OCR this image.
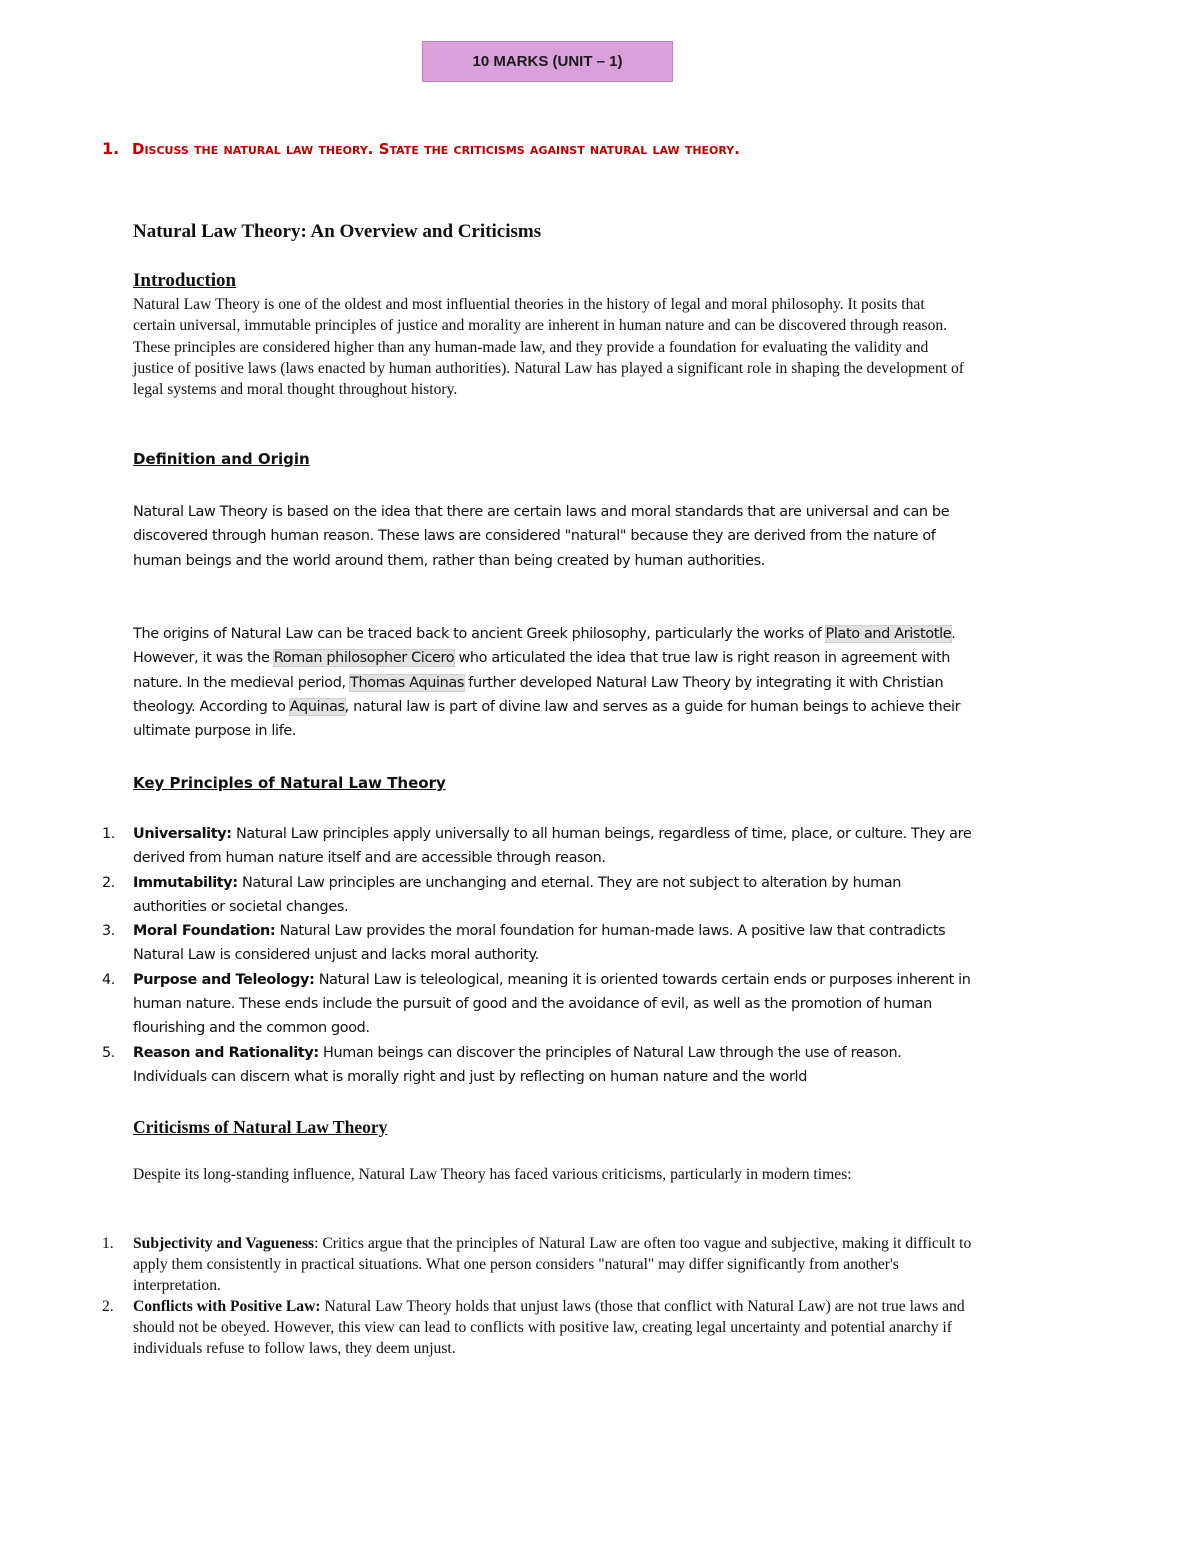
10 MARKS (UNIT – 1)
1. Discuss the natural law theory. State the criticisms against natural law theory.
Natural Law Theory: An Overview and Criticisms
Introduction
Natural Law Theory is one of the oldest and most influential theories in the history of legal and moral philosophy. It posits that certain universal, immutable principles of justice and morality are inherent in human nature and can be discovered through reason. These principles are considered higher than any human-made law, and they provide a foundation for evaluating the validity and justice of positive laws (laws enacted by human authorities). Natural Law has played a significant role in shaping the development of legal systems and moral thought throughout history.
Definition and Origin
Natural Law Theory is based on the idea that there are certain laws and moral standards that are universal and can be discovered through human reason. These laws are considered "natural" because they are derived from the nature of human beings and the world around them, rather than being created by human authorities.
The origins of Natural Law can be traced back to ancient Greek philosophy, particularly the works of Plato and Aristotle. However, it was the Roman philosopher Cicero who articulated the idea that true law is right reason in agreement with nature. In the medieval period, Thomas Aquinas further developed Natural Law Theory by integrating it with Christian theology. According to Aquinas, natural law is part of divine law and serves as a guide for human beings to achieve their ultimate purpose in life.
Key Principles of Natural Law Theory
1. Universality: Natural Law principles apply universally to all human beings, regardless of time, place, or culture. They are derived from human nature itself and are accessible through reason.
2. Immutability: Natural Law principles are unchanging and eternal. They are not subject to alteration by human authorities or societal changes.
3. Moral Foundation: Natural Law provides the moral foundation for human-made laws. A positive law that contradicts Natural Law is considered unjust and lacks moral authority.
4. Purpose and Teleology: Natural Law is teleological, meaning it is oriented towards certain ends or purposes inherent in human nature. These ends include the pursuit of good and the avoidance of evil, as well as the promotion of human flourishing and the common good.
5. Reason and Rationality: Human beings can discover the principles of Natural Law through the use of reason. Individuals can discern what is morally right and just by reflecting on human nature and the world
Criticisms of Natural Law Theory
Despite its long-standing influence, Natural Law Theory has faced various criticisms, particularly in modern times:
1. Subjectivity and Vagueness: Critics argue that the principles of Natural Law are often too vague and subjective, making it difficult to apply them consistently in practical situations. What one person considers "natural" may differ significantly from another's interpretation.
2. Conflicts with Positive Law: Natural Law Theory holds that unjust laws (those that conflict with Natural Law) are not true laws and should not be obeyed. However, this view can lead to conflicts with positive law, creating legal uncertainty and potential anarchy if individuals refuse to follow laws, they deem unjust.
